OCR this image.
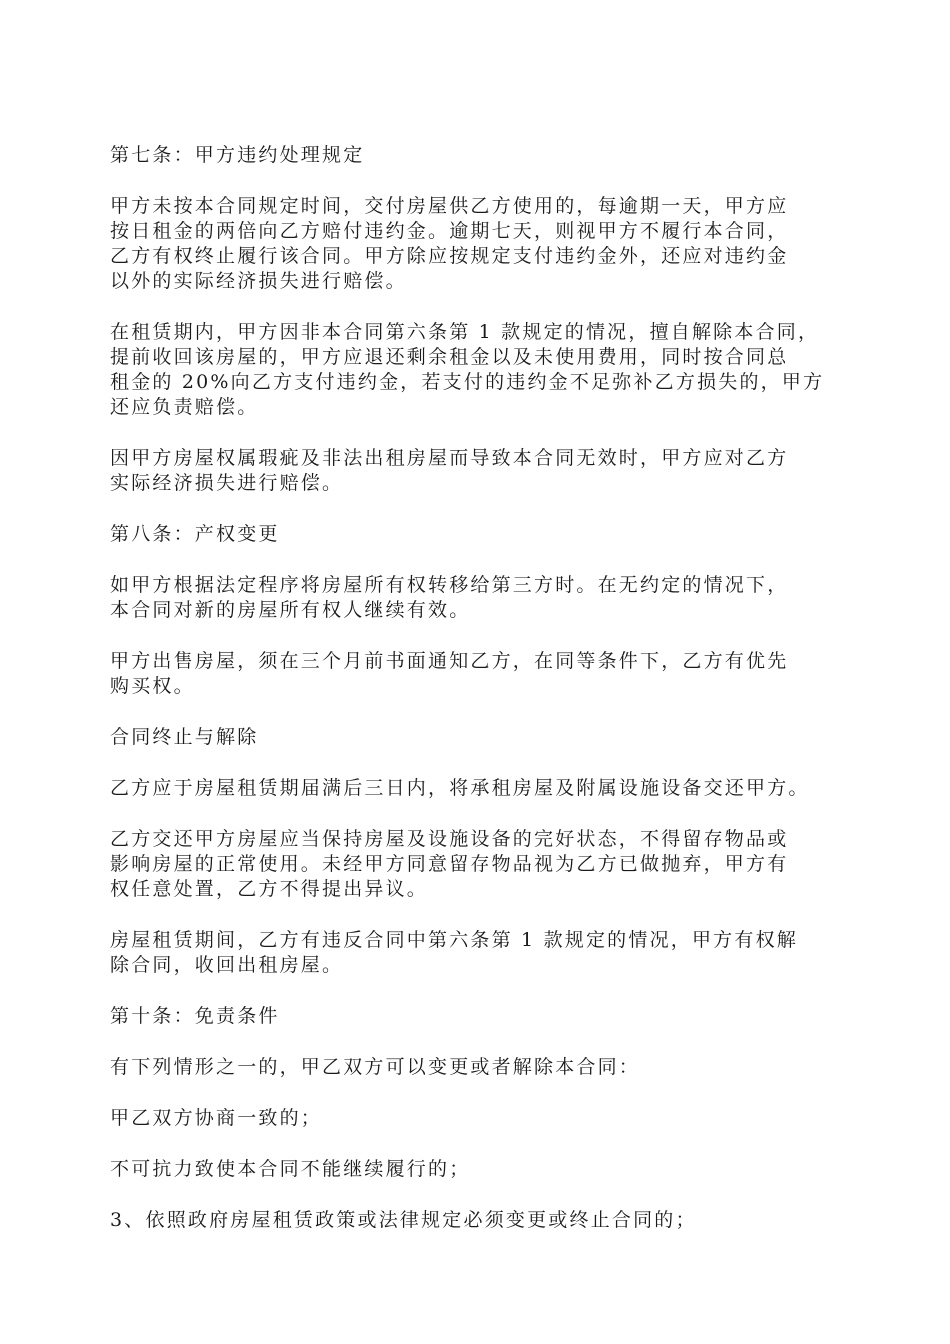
第七条：甲方违约处理规定
甲方未按本合同规定时间，交付房屋供乙方使用的，每逾期一天，甲方应
按日租金的两倍向乙方赔付违约金。逾期七天，则视甲方不履行本合同，
乙方有权终止履行该合同。甲方除应按规定支付违约金外，还应对违约金
以外的实际经济损失进行赔偿。
在租赁期内，甲方因非本合同第六条第 1 款规定的情况，擅自解除本合同，
提前收回该房屋的，甲方应退还剩余租金以及未使用费用，同时按合同总
租金的 20%向乙方支付违约金，若支付的违约金不足弥补乙方损失的，甲方
还应负责赔偿。
因甲方房屋权属瑕疵及非法出租房屋而导致本合同无效时，甲方应对乙方
实际经济损失进行赔偿。
第八条：产权变更
如甲方根据法定程序将房屋所有权转移给第三方时。在无约定的情况下，
本合同对新的房屋所有权人继续有效。
甲方出售房屋，须在三个月前书面通知乙方，在同等条件下，乙方有优先
购买权。
合同终止与解除
乙方应于房屋租赁期届满后三日内，将承租房屋及附属设施设备交还甲方。
乙方交还甲方房屋应当保持房屋及设施设备的完好状态，不得留存物品或
影响房屋的正常使用。未经甲方同意留存物品视为乙方已做抛弃，甲方有
权任意处置，乙方不得提出异议。
房屋租赁期间，乙方有违反合同中第六条第 1 款规定的情况，甲方有权解
除合同，收回出租房屋。
第十条：免责条件
有下列情形之一的，甲乙双方可以变更或者解除本合同：
甲乙双方协商一致的；
不可抗力致使本合同不能继续履行的；
3、依照政府房屋租赁政策或法律规定必须变更或终止合同的；
